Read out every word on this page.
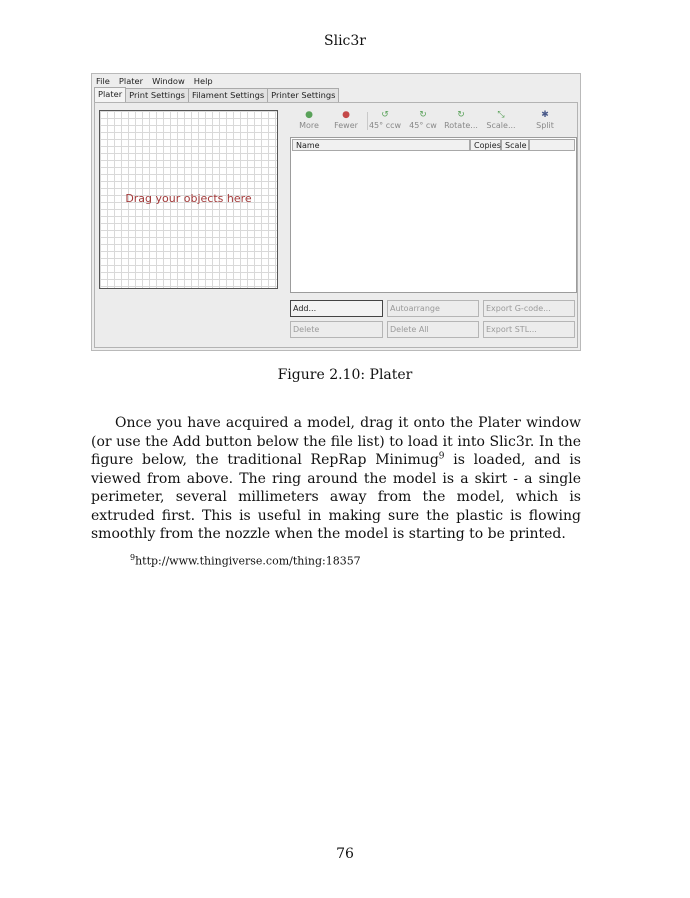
Slic3r
File Plater Window Help
Plater Print Settings Filament Settings Printer Settings
Drag your objects here
●
More
●
Fewer
↺
45° ccw
↻
45° cw
↻
Rotate...
⤡
Scale...
✱
Split
Name	Copies Scale
Add...	Autoarrange	Export G-code...
Delete	Delete All	Export STL...
Figure 2.10: Plater
Once you have acquired a model, drag it onto the Plater window (or use the Add button below the file list) to load it into Slic3r. In the figure below, the traditional RepRap Minimug$^9$ is loaded, and is viewed from above. The ring around the model is a skirt - a single perimeter, several millimeters away from the model, which is extruded first. This is useful in making sure the plastic is flowing smoothly from the nozzle when the model is starting to be printed.
$^9$http://www.thingiverse.com/thing:18357
76
